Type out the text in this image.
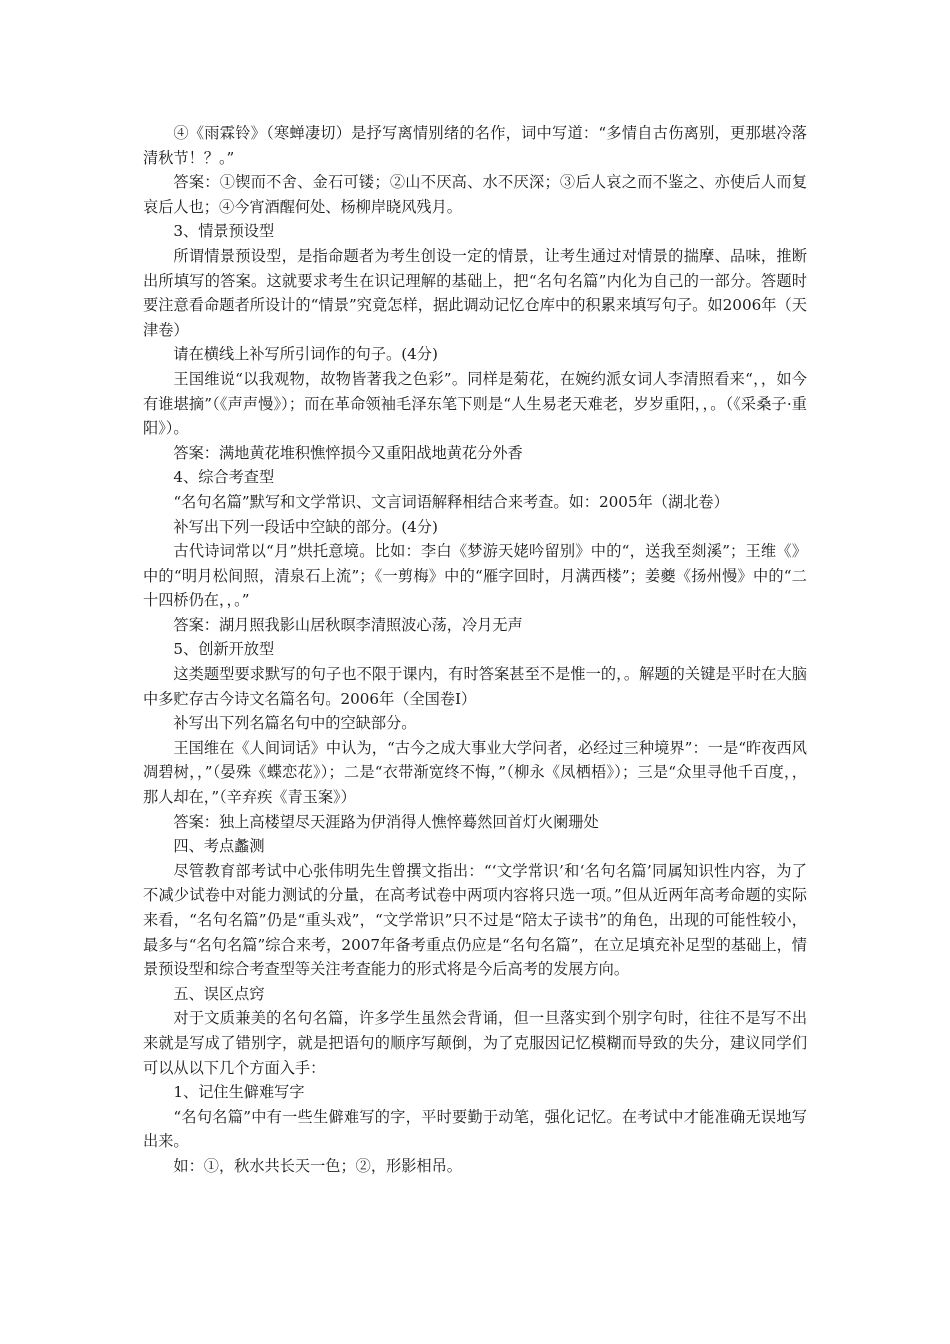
④《雨霖铃》（寒蝉凄切）是抒写离情别绪的名作，词中写道：“多情自古伤离别，更那堪冷落清秋节！？。”

答案：①锲而不舍、金石可镂；②山不厌高、水不厌深；③后人哀之而不鉴之、亦使后人而复哀后人也；④今宵酒醒何处、杨柳岸晓风残月。

3、情景预设型

所谓情景预设型，是指命题者为考生创设一定的情景，让考生通过对情景的揣摩、品味，推断出所填写的答案。这就要求考生在识记理解的基础上，把“名句名篇”内化为自己的一部分。答题时要注意看命题者所设计的“情景”究竟怎样，据此调动记忆仓库中的积累来填写句子。如2006年（天津卷）

请在横线上补写所引词作的句子。(4分)

王国维说“以我观物，故物皆著我之色彩”。同样是菊花，在婉约派女词人李清照看来“，，如今有谁堪摘”（《声声慢》）；而在革命领袖毛泽东笔下则是“人生易老天难老，岁岁重阳，，。（《采桑子·重阳》）。

答案：满地黄花堆积憔悴损今又重阳战地黄花分外香

4、综合考查型

“名句名篇”默写和文学常识、文言词语解释相结合来考查。如：2005年（湖北卷）

补写出下列一段话中空缺的部分。(4分)

古代诗词常以“月”烘托意境。比如：李白《梦游天姥吟留别》中的“，送我至剡溪”；王维《》中的“明月松间照，清泉石上流”；《一剪梅》中的“雁字回时，月满西楼”；姜夔《扬州慢》中的“二十四桥仍在，，。”

答案：湖月照我影山居秋暝李清照波心荡，冷月无声

5、创新开放型

这类题型要求默写的句子也不限于课内，有时答案甚至不是惟一的，。解题的关键是平时在大脑中多贮存古今诗文名篇名句。2006年（全国卷Ⅰ）

补写出下列名篇名句中的空缺部分。

王国维在《人间词话》中认为，“古今之成大事业大学问者，必经过三种境界”：一是“昨夜西风凋碧树，，”（晏殊《蝶恋花》）；二是“衣带渐宽终不悔，”（柳永《凤栖梧》）；三是“众里寻他千百度，，那人却在，”（辛弃疾《青玉案》）

答案：独上高楼望尽天涯路为伊消得人憔悴蓦然回首灯火阑珊处

四、考点蠡测

尽管教育部考试中心张伟明先生曾撰文指出：“‘文学常识’和‘名句名篇’同属知识性内容，为了不减少试卷中对能力测试的分量，在高考试卷中两项内容将只选一项。”但从近两年高考命题的实际来看，“名句名篇”仍是“重头戏”，“文学常识”只不过是“陪太子读书”的角色，出现的可能性较小，最多与“名句名篇”综合来考，2007年备考重点仍应是“名句名篇”，在立足填充补足型的基础上，情景预设型和综合考查型等关注考查能力的形式将是今后高考的发展方向。

五、误区点窍

对于文质兼美的名句名篇，许多学生虽然会背诵，但一旦落实到个别字句时，往往不是写不出来就是写成了错别字，就是把语句的顺序写颠倒，为了克服因记忆模糊而导致的失分，建议同学们可以从以下几个方面入手：

1、记住生僻难写字

“名句名篇”中有一些生僻难写的字，平时要勤于动笔，强化记忆。在考试中才能准确无误地写出来。

如：①，秋水共长天一色；②，形影相吊。
